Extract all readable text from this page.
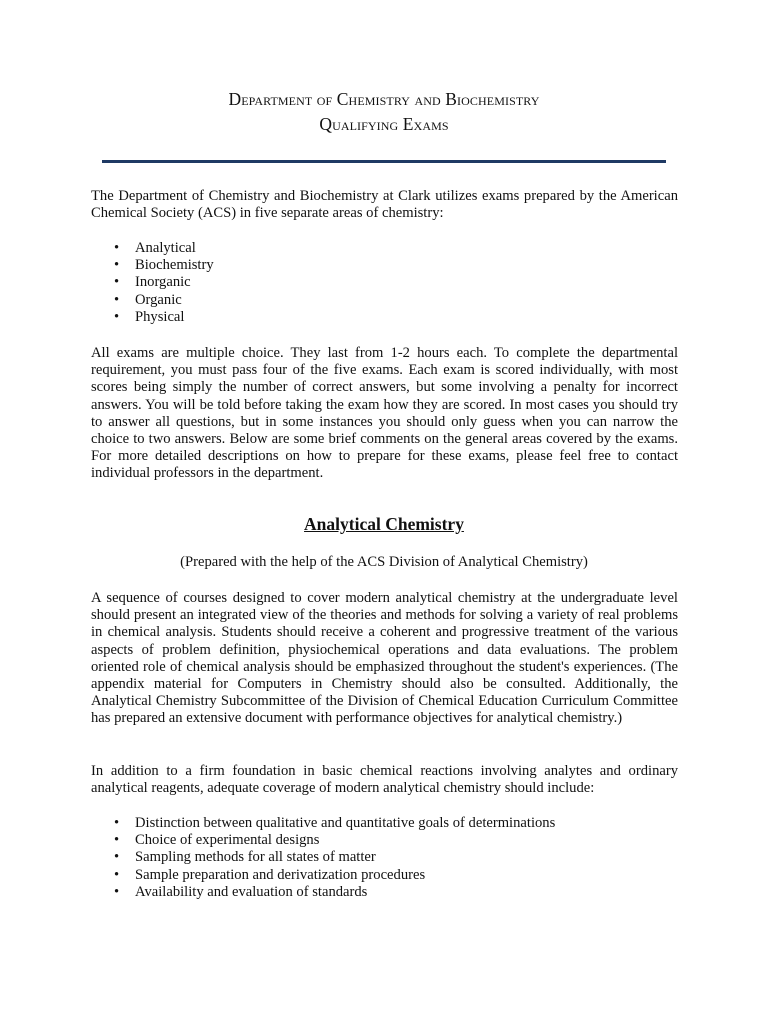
Department of Chemistry and Biochemistry
Qualifying Exams

The Department of Chemistry and Biochemistry at Clark utilizes exams prepared by the American Chemical Society (ACS) in five separate areas of chemistry:

• Analytical
• Biochemistry
• Inorganic
• Organic
• Physical

All exams are multiple choice. They last from 1-2 hours each. To complete the departmental requirement, you must pass four of the five exams. Each exam is scored individually, with most scores being simply the number of correct answers, but some involving a penalty for incorrect answers. You will be told before taking the exam how they are scored. In most cases you should try to answer all questions, but in some instances you should only guess when you can narrow the choice to two answers. Below are some brief comments on the general areas covered by the exams. For more detailed descriptions on how to prepare for these exams, please feel free to contact individual professors in the department.

Analytical Chemistry

(Prepared with the help of the ACS Division of Analytical Chemistry)

A sequence of courses designed to cover modern analytical chemistry at the undergraduate level should present an integrated view of the theories and methods for solving a variety of real problems in chemical analysis. Students should receive a coherent and progressive treatment of the various aspects of problem definition, physiochemical operations and data evaluations. The problem oriented role of chemical analysis should be emphasized throughout the student's experiences. (The appendix material for Computers in Chemistry should also be consulted. Additionally, the Analytical Chemistry Subcommittee of the Division of Chemical Education Curriculum Committee has prepared an extensive document with performance objectives for analytical chemistry.)

In addition to a firm foundation in basic chemical reactions involving analytes and ordinary analytical reagents, adequate coverage of modern analytical chemistry should include:

• Distinction between qualitative and quantitative goals of determinations
• Choice of experimental designs
• Sampling methods for all states of matter
• Sample preparation and derivatization procedures
• Availability and evaluation of standards
